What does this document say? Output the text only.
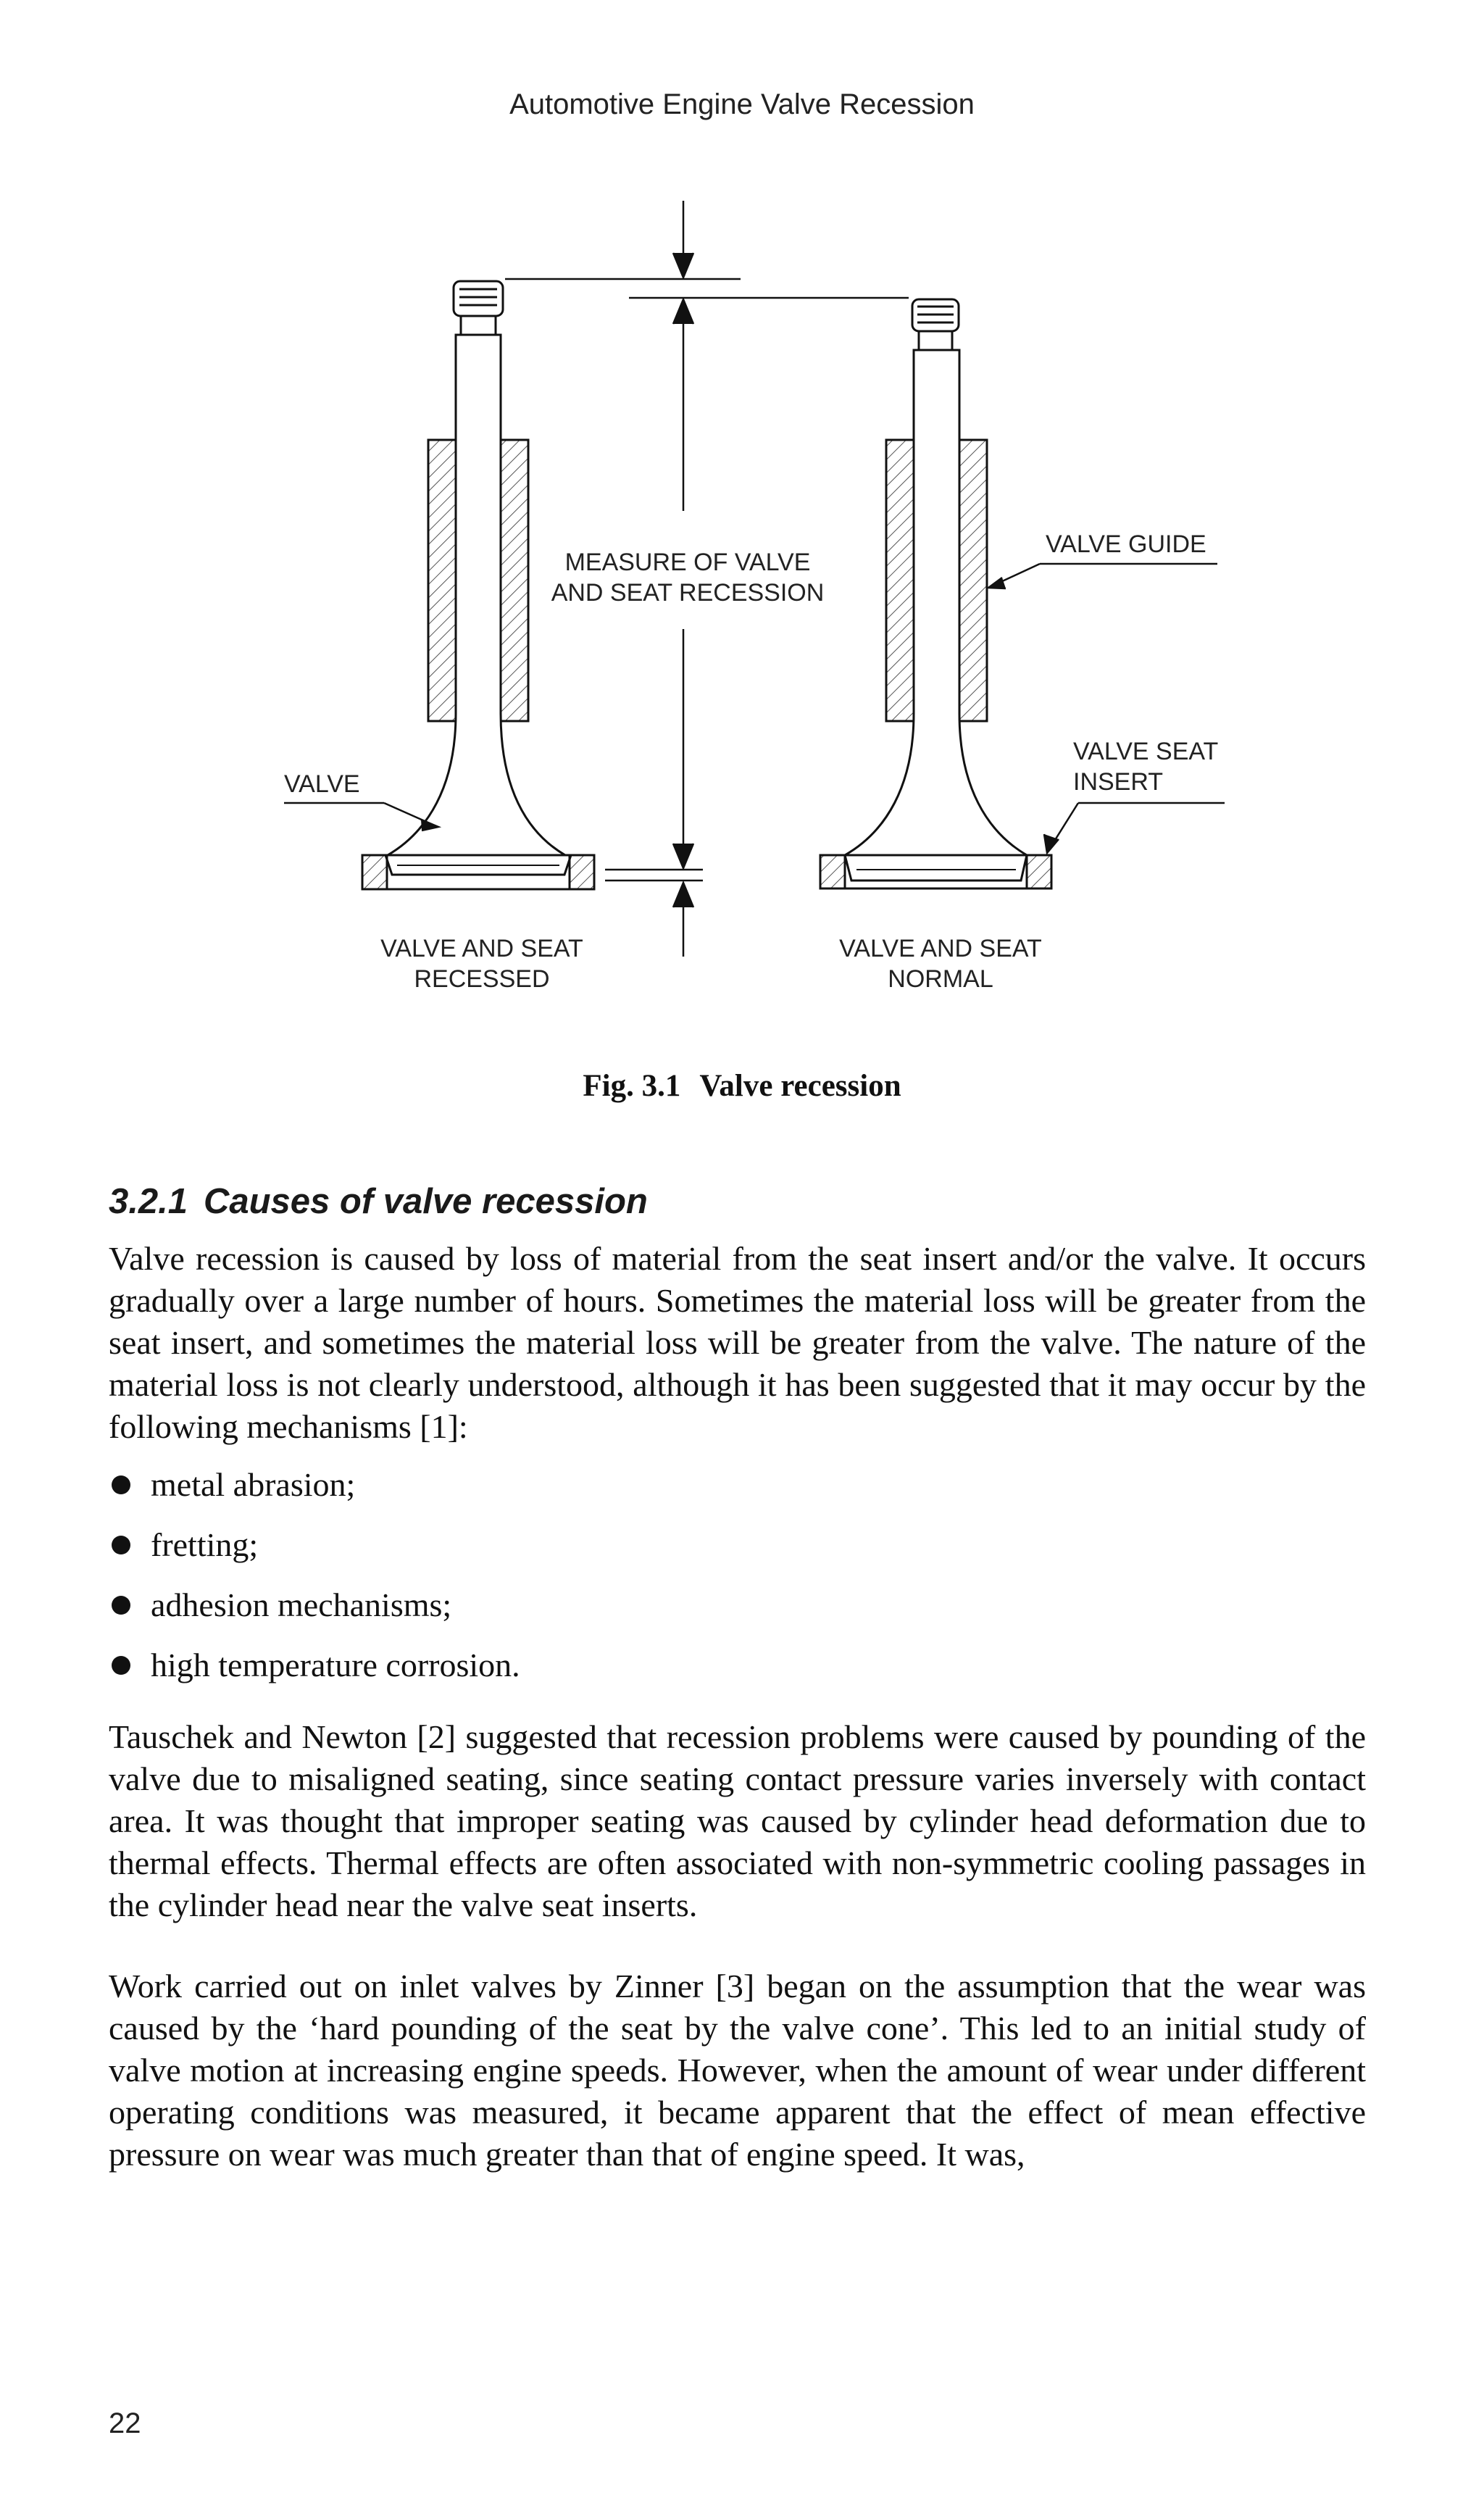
Automotive Engine Valve Recession
MEASURE OF VALVE
AND SEAT RECESSION
VALVE GUIDE
VALVE SEAT
INSERT
VALVE
VALVE AND SEAT
RECESSED
VALVE AND SEAT
NORMAL
Fig. 3.1 Valve recession
3.2.1 Causes of valve recession

Valve recession is caused by loss of material from the seat insert and/or the valve. It occurs gradually over a large number of hours. Sometimes the material loss will be greater from the seat insert, and sometimes the material loss will be greater from the valve. The nature of the material loss is not clearly understood, although it has been suggested that it may occur by the following mechanisms [1]:

metal abrasion;
fretting;
adhesion mechanisms;
high temperature corrosion.

Tauschek and Newton [2] suggested that recession problems were caused by pounding of the valve due to misaligned seating, since seating contact pressure varies inversely with contact area. It was thought that improper seating was caused by cylinder head deformation due to thermal effects. Thermal effects are often associated with non-symmetric cooling passages in the cylinder head near the valve seat inserts.

Work carried out on inlet valves by Zinner [3] began on the assumption that the wear was caused by the ‘hard pounding of the seat by the valve cone’. This led to an initial study of valve motion at increasing engine speeds. However, when the amount of wear under different operating conditions was measured, it became apparent that the effect of mean effective pressure on wear was much greater than that of engine speed. It was,

22
